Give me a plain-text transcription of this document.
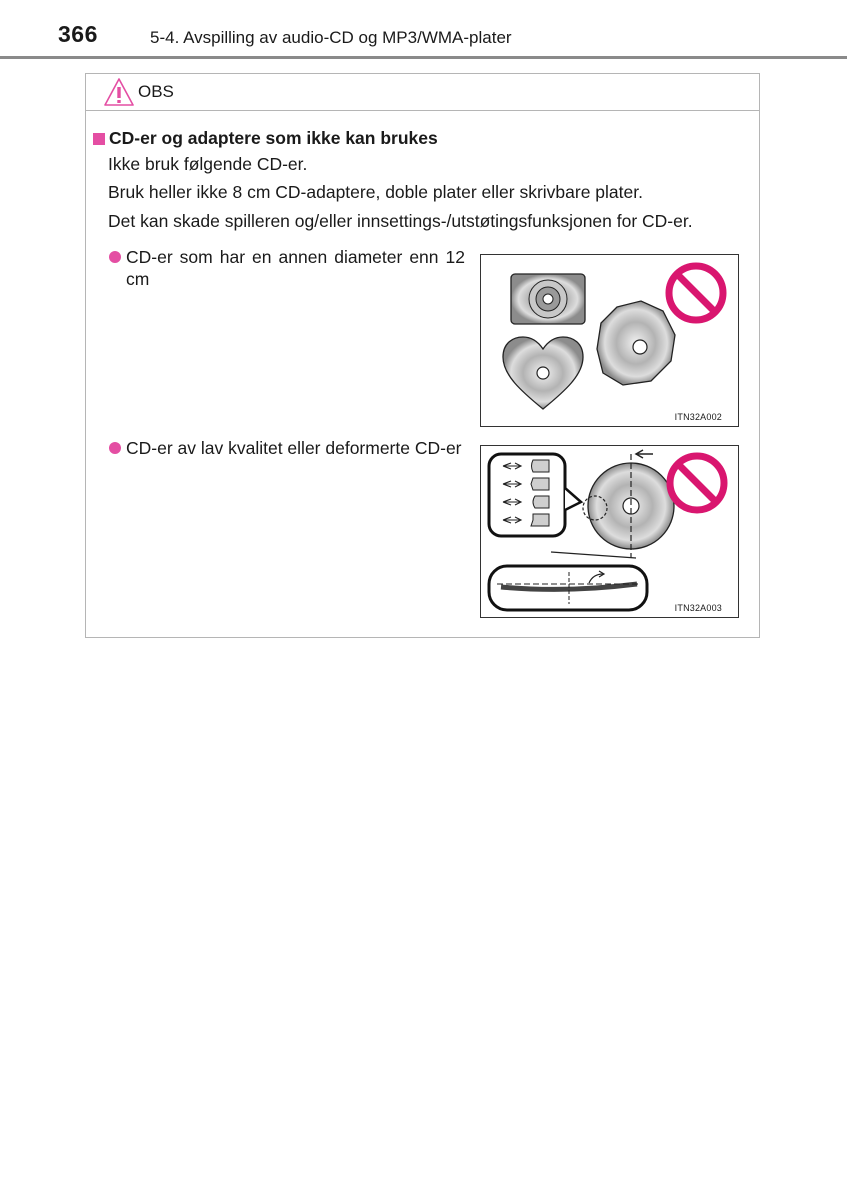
366	5-4. Avspilling av audio-CD og MP3/WMA-plater
OBS
CD-er og adaptere som ikke kan brukes
Ikke bruk følgende CD-er.
Bruk heller ikke 8 cm CD-adaptere, doble plater eller skrivbare plater.
Det kan skade spilleren og/eller innsettings-/utstøtingsfunksjonen for CD-er.
CD-er som har en annen diameter enn 12 cm
ITN32A002
CD-er av lav kvalitet eller deformerte CD-er
ITN32A003
